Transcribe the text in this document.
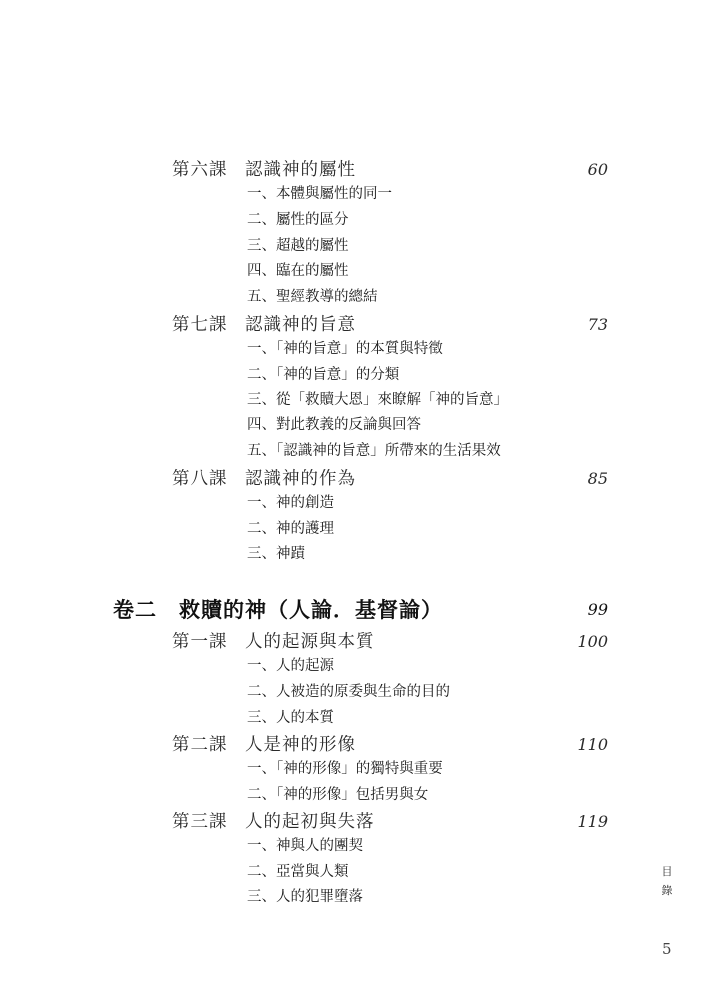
第六課 認識神的屬性	60
一、本體與屬性的同一
二、屬性的區分
三、超越的屬性
四、臨在的屬性
五、聖經教導的總結
第七課 認識神的旨意	73
一、「神的旨意」的本質與特徵
二、「神的旨意」的分類
三、從「救贖大恩」來瞭解「神的旨意」
四、對此教義的反論與回答
五、「認識神的旨意」所帶來的生活果效
第八課 認識神的作為	85
一、神的創造
二、神的護理
三、神蹟
卷二　救贖的神（人論．基督論）	99
第一課 人的起源與本質	100
一、人的起源
二、人被造的原委與生命的目的
三、人的本質
第二課 人是神的形像	110
一、「神的形像」的獨特與重要
二、「神的形像」包括男與女
第三課 人的起初與失落	119
一、神與人的團契
二、亞當與人類
三、人的犯罪墮落
目
錄
5
